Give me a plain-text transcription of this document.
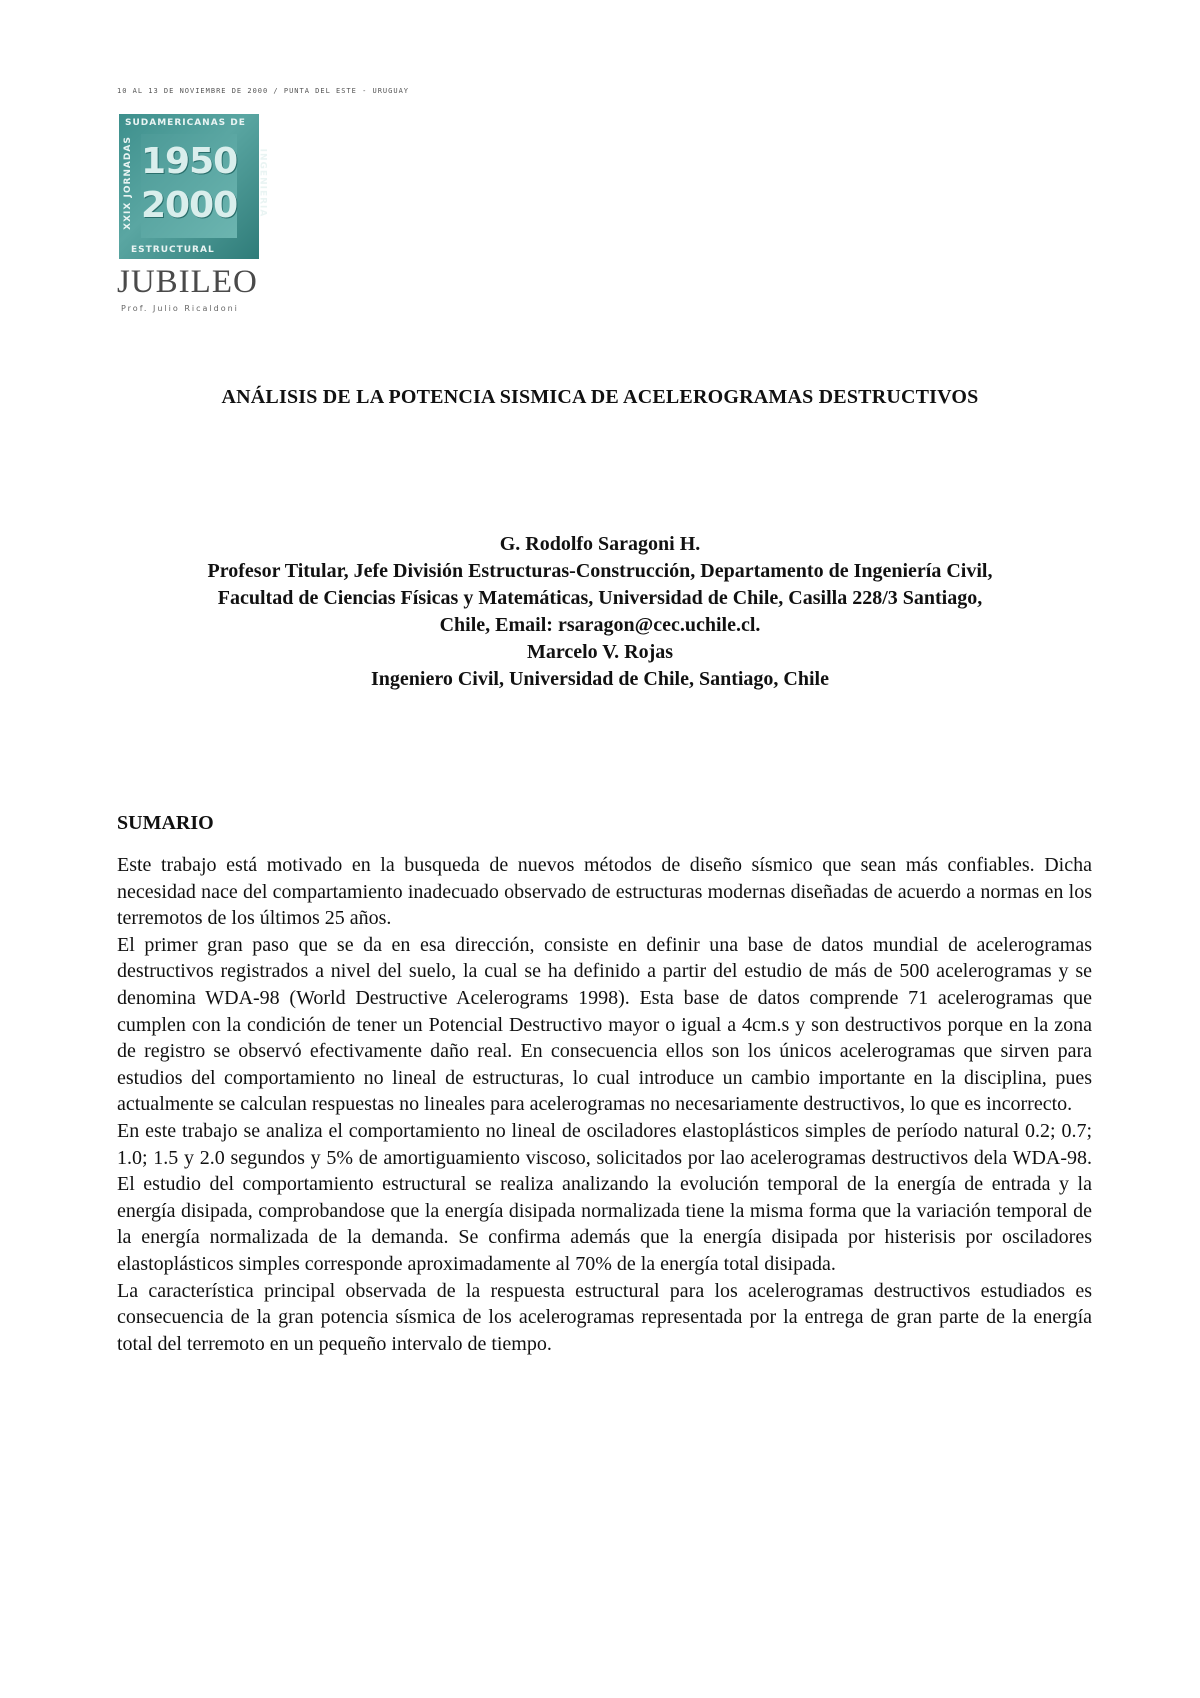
10 AL 13 DE NOVIEMBRE DE 2000 / PUNTA DEL ESTE - URUGUAY
SUDAMERICANAS DE
XXIX JORNADAS	INGENIERIA
ESTRUCTURAL
1950
2000
JUBILEO
Prof. Julio Ricaldoni
ANÁLISIS DE LA POTENCIA SISMICA DE ACELEROGRAMAS DESTRUCTIVOS
G. Rodolfo Saragoni H.
Profesor Titular, Jefe División Estructuras-Construcción, Departamento de Ingeniería Civil,
Facultad de Ciencias Físicas y Matemáticas, Universidad de Chile, Casilla 228/3 Santiago,
Chile, Email: rsaragon@cec.uchile.cl.
Marcelo V. Rojas
Ingeniero Civil, Universidad de Chile, Santiago, Chile
SUMARIO

Este trabajo está motivado en la busqueda de nuevos métodos de diseño sísmico que sean más confiables. Dicha necesidad nace del compartamiento inadecuado observado de estructuras modernas diseñadas de acuerdo a normas en los terremotos de los últimos 25 años.

El primer gran paso que se da en esa dirección, consiste en definir una base de datos mundial de acelerogramas destructivos registrados a nivel del suelo, la cual se ha definido a partir del estudio de más de 500 acelerogramas y se denomina WDA-98 (World Destructive Acelerograms 1998). Esta base de datos comprende 71 acelerogramas que cumplen con la condición de tener un Potencial Destructivo mayor o igual a 4cm.s y son destructivos porque en la zona de registro se observó efectivamente daño real. En consecuencia ellos son los únicos acelerogramas que sirven para estudios del comportamiento no lineal de estructuras, lo cual introduce un cambio importante en la disciplina, pues actualmente se calculan respuestas no lineales para acelerogramas no necesariamente destructivos, lo que es incorrecto.

En este trabajo se analiza el comportamiento no lineal de osciladores elastoplásticos simples de período natural 0.2; 0.7; 1.0; 1.5 y 2.0 segundos y 5% de amortiguamiento viscoso, solicitados por lao acelerogramas destructivos dela WDA-98. El estudio del comportamiento estructural se realiza analizando la evolución temporal de la energía de entrada y la energía disipada, comprobandose que la energía disipada normalizada tiene la misma forma que la variación temporal de la energía normalizada de la demanda. Se confirma además que la energía disipada por histerisis por osciladores elastoplásticos simples corresponde aproximadamente al 70% de la energía total disipada.

La característica principal observada de la respuesta estructural para los acelerogramas destructivos estudiados es consecuencia de la gran potencia sísmica de los acelerogramas representada por la entrega de gran parte de la energía total del terremoto en un pequeño intervalo de tiempo.
